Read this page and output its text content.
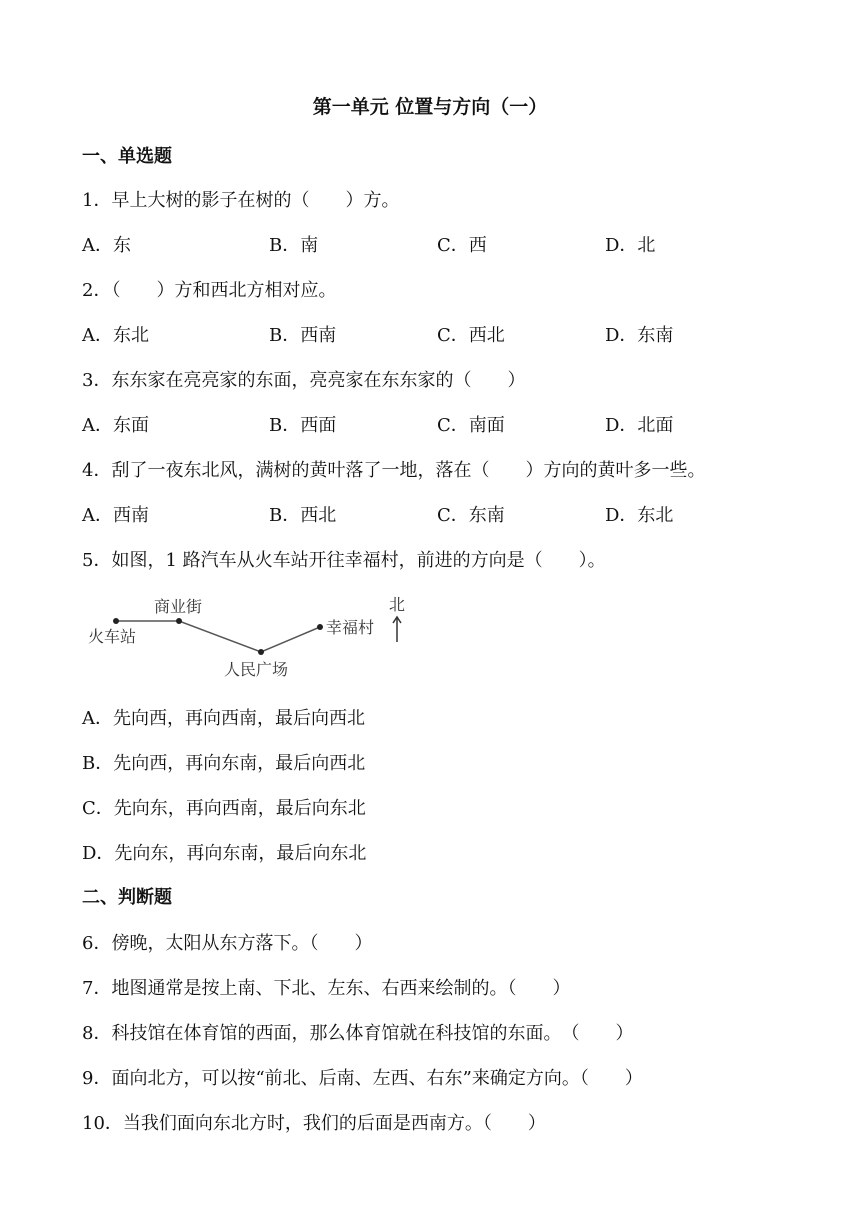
第一单元 位置与方向（一）
一、单选题
1．早上大树的影子在树的（　　）方。
A．东	B．南	C．西	D．北
2．（　　）方和西北方相对应。
A．东北	B．西南	C．西北	D．东南
3．东东家在亮亮家的东面，亮亮家在东东家的（　　）
A．东面	B．西面	C．南面	D．北面
4．刮了一夜东北风，满树的黄叶落了一地，落在（　　）方向的黄叶多一些。
A．西南	B．西北	C．东南	D．东北
5．如图，1 路汽车从火车站开往幸福村，前进的方向是（　　）。
火车站
商业街
人民广场
幸福村
北
A．先向西，再向西南，最后向西北
B．先向西，再向东南，最后向西北
C．先向东，再向西南，最后向东北
D．先向东，再向东南，最后向东北
二、判断题
6．傍晚，太阳从东方落下。（　　）
7．地图通常是按上南、下北、左东、右西来绘制的。（　　）
8．科技馆在体育馆的西面，那么体育馆就在科技馆的东面。　（　　）
9．面向北方，可以按“前北、后南、左西、右东”来确定方向。（　　）
10．当我们面向东北方时，我们的后面是西南方。（　　）
